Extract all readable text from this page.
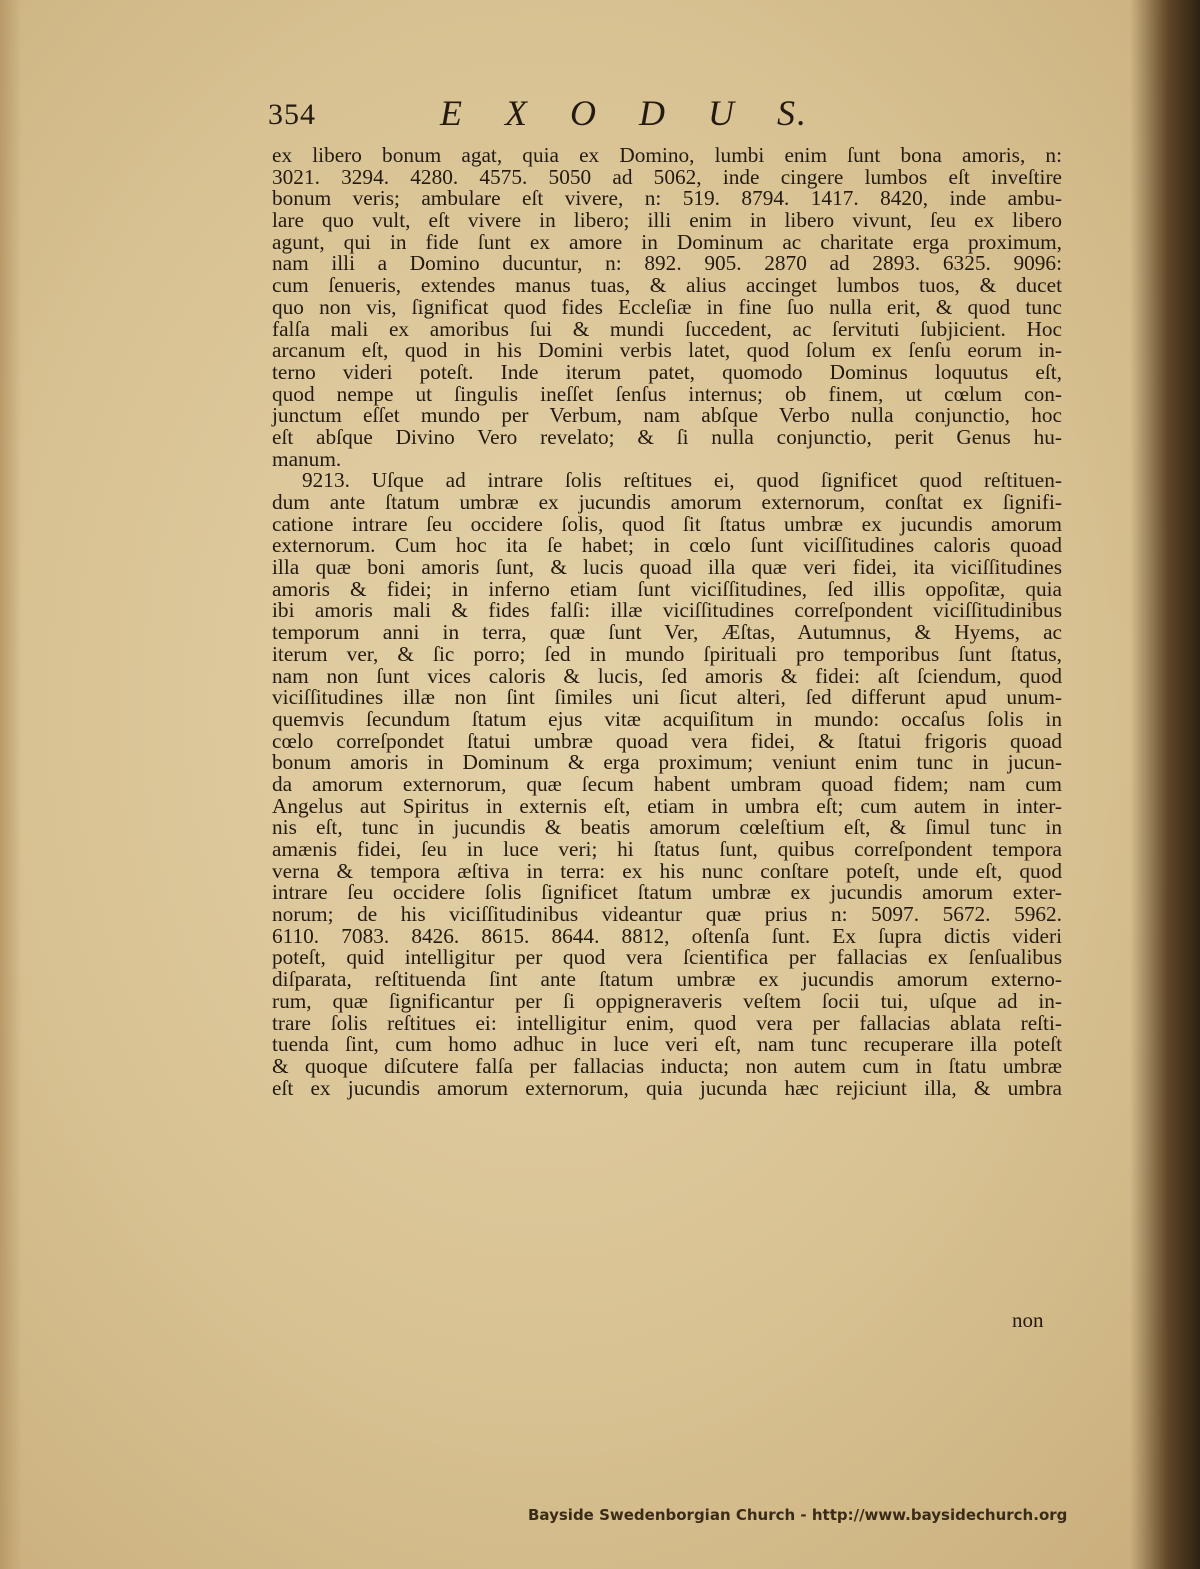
354	E X O D U S.
ex libero bonum agat, quia ex Domino, lumbi enim ſunt bona amoris, n:
3021. 3294. 4280. 4575. 5050 ad 5062, inde cingere lumbos eſt inveſtire
bonum veris; ambulare eſt vivere, n: 519. 8794. 1417. 8420, inde ambu-
lare quo vult, eſt vivere in libero; illi enim in libero vivunt, ſeu ex libero
agunt, qui in fide ſunt ex amore in Dominum ac charitate erga proximum,
nam illi a Domino ducuntur, n: 892. 905. 2870 ad 2893. 6325. 9096:
cum ſenueris, extendes manus tuas, & alius accinget lumbos tuos, & ducet
quo non vis, ſignificat quod fides Eccleſiæ in fine ſuo nulla erit, & quod tunc
falſa mali ex amoribus ſui & mundi ſuccedent, ac ſervituti ſubjicient. Hoc
arcanum eſt, quod in his Domini verbis latet, quod ſolum ex ſenſu eorum in-
terno videri poteſt. Inde iterum patet, quomodo Dominus loquutus eſt,
quod nempe ut ſingulis ineſſet ſenſus internus; ob finem, ut cœlum con-
junctum eſſet mundo per Verbum, nam abſque Verbo nulla conjunctio, hoc
eſt abſque Divino Vero revelato; & ſi nulla conjunctio, perit Genus hu-
manum.
9213. Uſque ad intrare ſolis reſtitues ei, quod ſignificet quod reſtituen-
dum ante ſtatum umbræ ex jucundis amorum externorum, conſtat ex ſignifi-
catione intrare ſeu occidere ſolis, quod ſit ſtatus umbræ ex jucundis amorum
externorum. Cum hoc ita ſe habet; in cœlo ſunt viciſſitudines caloris quoad
illa quæ boni amoris ſunt, & lucis quoad illa quæ veri fidei, ita viciſſitudines
amoris & fidei; in inferno etiam ſunt viciſſitudines, ſed illis oppoſitæ, quia
ibi amoris mali & fides falſi: illæ viciſſitudines correſpondent viciſſitudinibus
temporum anni in terra, quæ ſunt Ver, Æſtas, Autumnus, & Hyems, ac
iterum ver, & ſic porro; ſed in mundo ſpirituali pro temporibus ſunt ſtatus,
nam non ſunt vices caloris & lucis, ſed amoris & fidei: aſt ſciendum, quod
viciſſitudines illæ non ſint ſimiles uni ſicut alteri, ſed differunt apud unum-
quemvis ſecundum ſtatum ejus vitæ acquiſitum in mundo: occaſus ſolis in
cœlo correſpondet ſtatui umbræ quoad vera fidei, & ſtatui frigoris quoad
bonum amoris in Dominum & erga proximum; veniunt enim tunc in jucun-
da amorum externorum, quæ ſecum habent umbram quoad fidem; nam cum
Angelus aut Spiritus in externis eſt, etiam in umbra eſt; cum autem in inter-
nis eſt, tunc in jucundis & beatis amorum cœleſtium eſt, & ſimul tunc in
amænis fidei, ſeu in luce veri; hi ſtatus ſunt, quibus correſpondent tempora
verna & tempora æſtiva in terra: ex his nunc conſtare poteſt, unde eſt, quod
intrare ſeu occidere ſolis ſignificet ſtatum umbræ ex jucundis amorum exter-
norum; de his viciſſitudinibus videantur quæ prius n: 5097. 5672. 5962.
6110. 7083. 8426. 8615. 8644. 8812, oſtenſa ſunt. Ex ſupra dictis videri
poteſt, quid intelligitur per quod vera ſcientifica per fallacias ex ſenſualibus
diſparata, reſtituenda ſint ante ſtatum umbræ ex jucundis amorum externo-
rum, quæ ſignificantur per ſi oppigneraveris veſtem ſocii tui, uſque ad in-
trare ſolis reſtitues ei: intelligitur enim, quod vera per fallacias ablata reſti-
tuenda ſint, cum homo adhuc in luce veri eſt, nam tunc recuperare illa poteſt
& quoque diſcutere falſa per fallacias inducta; non autem cum in ſtatu umbræ
eſt ex jucundis amorum externorum, quia jucunda hæc rejiciunt illa, & umbra
non
Bayside Swedenborgian Church - http://www.baysidechurch.org
